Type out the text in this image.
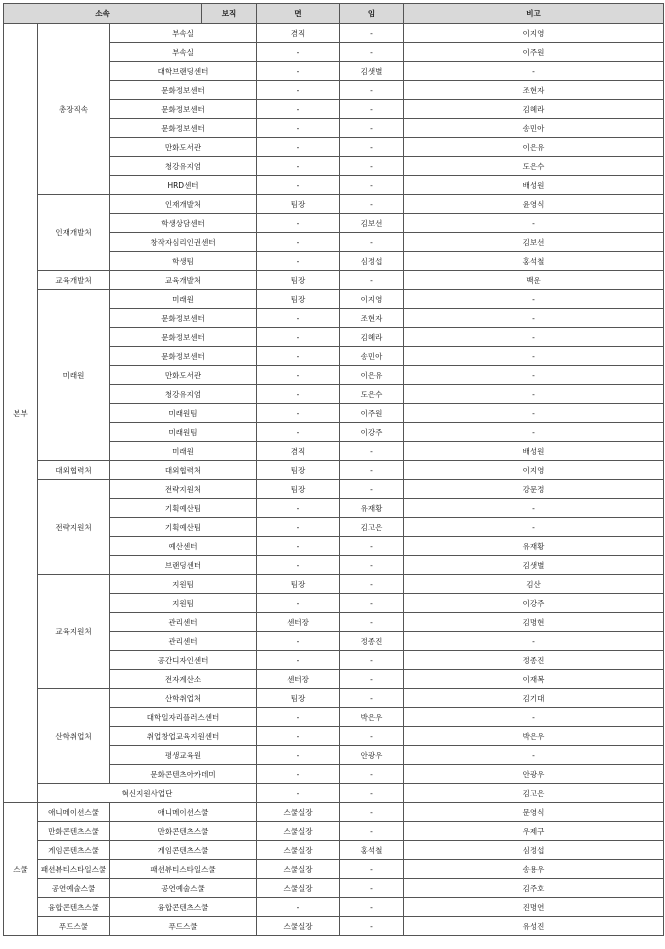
소속			보직	면	임	비고	
본부	총장직속	부속실		겸직	-	이지영	
		부속실		-	-	이주원	
		대학브랜딩센터		-	김샛별	-	
		문화정보센터		-	-	조현자	
		문화정보센터		-	-	김혜라	
		문화정보센터		-	-	송민아	
		만화도서관		-	-	이은유	
		청강유지엄		-	-	도은수	
		HRD센터		-	-	배성원	
	인재개발처	인재개발처		팀장	-	윤영식	
		학생상담센터		-	김보선	-	
		창작자심리인권센터		-	-	김보선	
		학생팀		-	심정섭	홍석철	
	교육개발처	교육개발처		팀장	-	백운	
	미래원	미래원		팀장	이지영	-	
		문화정보센터		-	조현자	-	
		문화정보센터		-	김혜라	-	
		문화정보센터		-	송민아	-	
		만화도서관		-	이은유	-	
		청강유지엄		-	도은수	-	
		미래원팀		-	이주원	-	
		미래원팀		-	이강주	-	
		미래원		겸직	-	배성원	
	대외협력처	대외협력처		팀장	-	이지영	
	전략지원처	전략지원처		팀장	-	강문정	
		기획예산팀		-	유재황	-	
		기획예산팀		-	김고은	-	
		예산센터		-	-	유재황	
		브랜딩센터		-	-	김샛별	
	교육지원처	지원팀		팀장	-	김산	
		지원팀		-	-	이강주	
		관리센터		센터장	-	김명현	
		관리센터		-	정종진	-	
		공간디자인센터		-	-	정종진	
		전자계산소		센터장	-	이재복	
	산학취업처	산학취업처		팀장	-	김기대	
		대학일자리플러스센터		-	박은우	-	
		취업창업교육지원센터		-	-	박은우	
		평생교육원		-	안광우	-	
		문화콘텐츠아카데미		-	-	안광우	
	혁신지원사업단			-	-	김고은	
스쿨	애니메이션스쿨	애니메이션스쿨		스쿨실장	-	문영식	
	만화콘텐츠스쿨	만화콘텐츠스쿨		스쿨실장	-	우제구	
	게임콘텐츠스쿨	게임콘텐츠스쿨		스쿨실장	홍석철	심정섭	
	패션뷰티스타일스쿨	패션뷰티스타일스쿨		스쿨실장	-	송용우	
	공연예술스쿨	공연예술스쿨		스쿨실장	-	김주호	
	융합콘텐츠스쿨	융합콘텐츠스쿨		-	-	진명연	
	푸드스쿨	푸드스쿨		스쿨실장	-	유성진	
